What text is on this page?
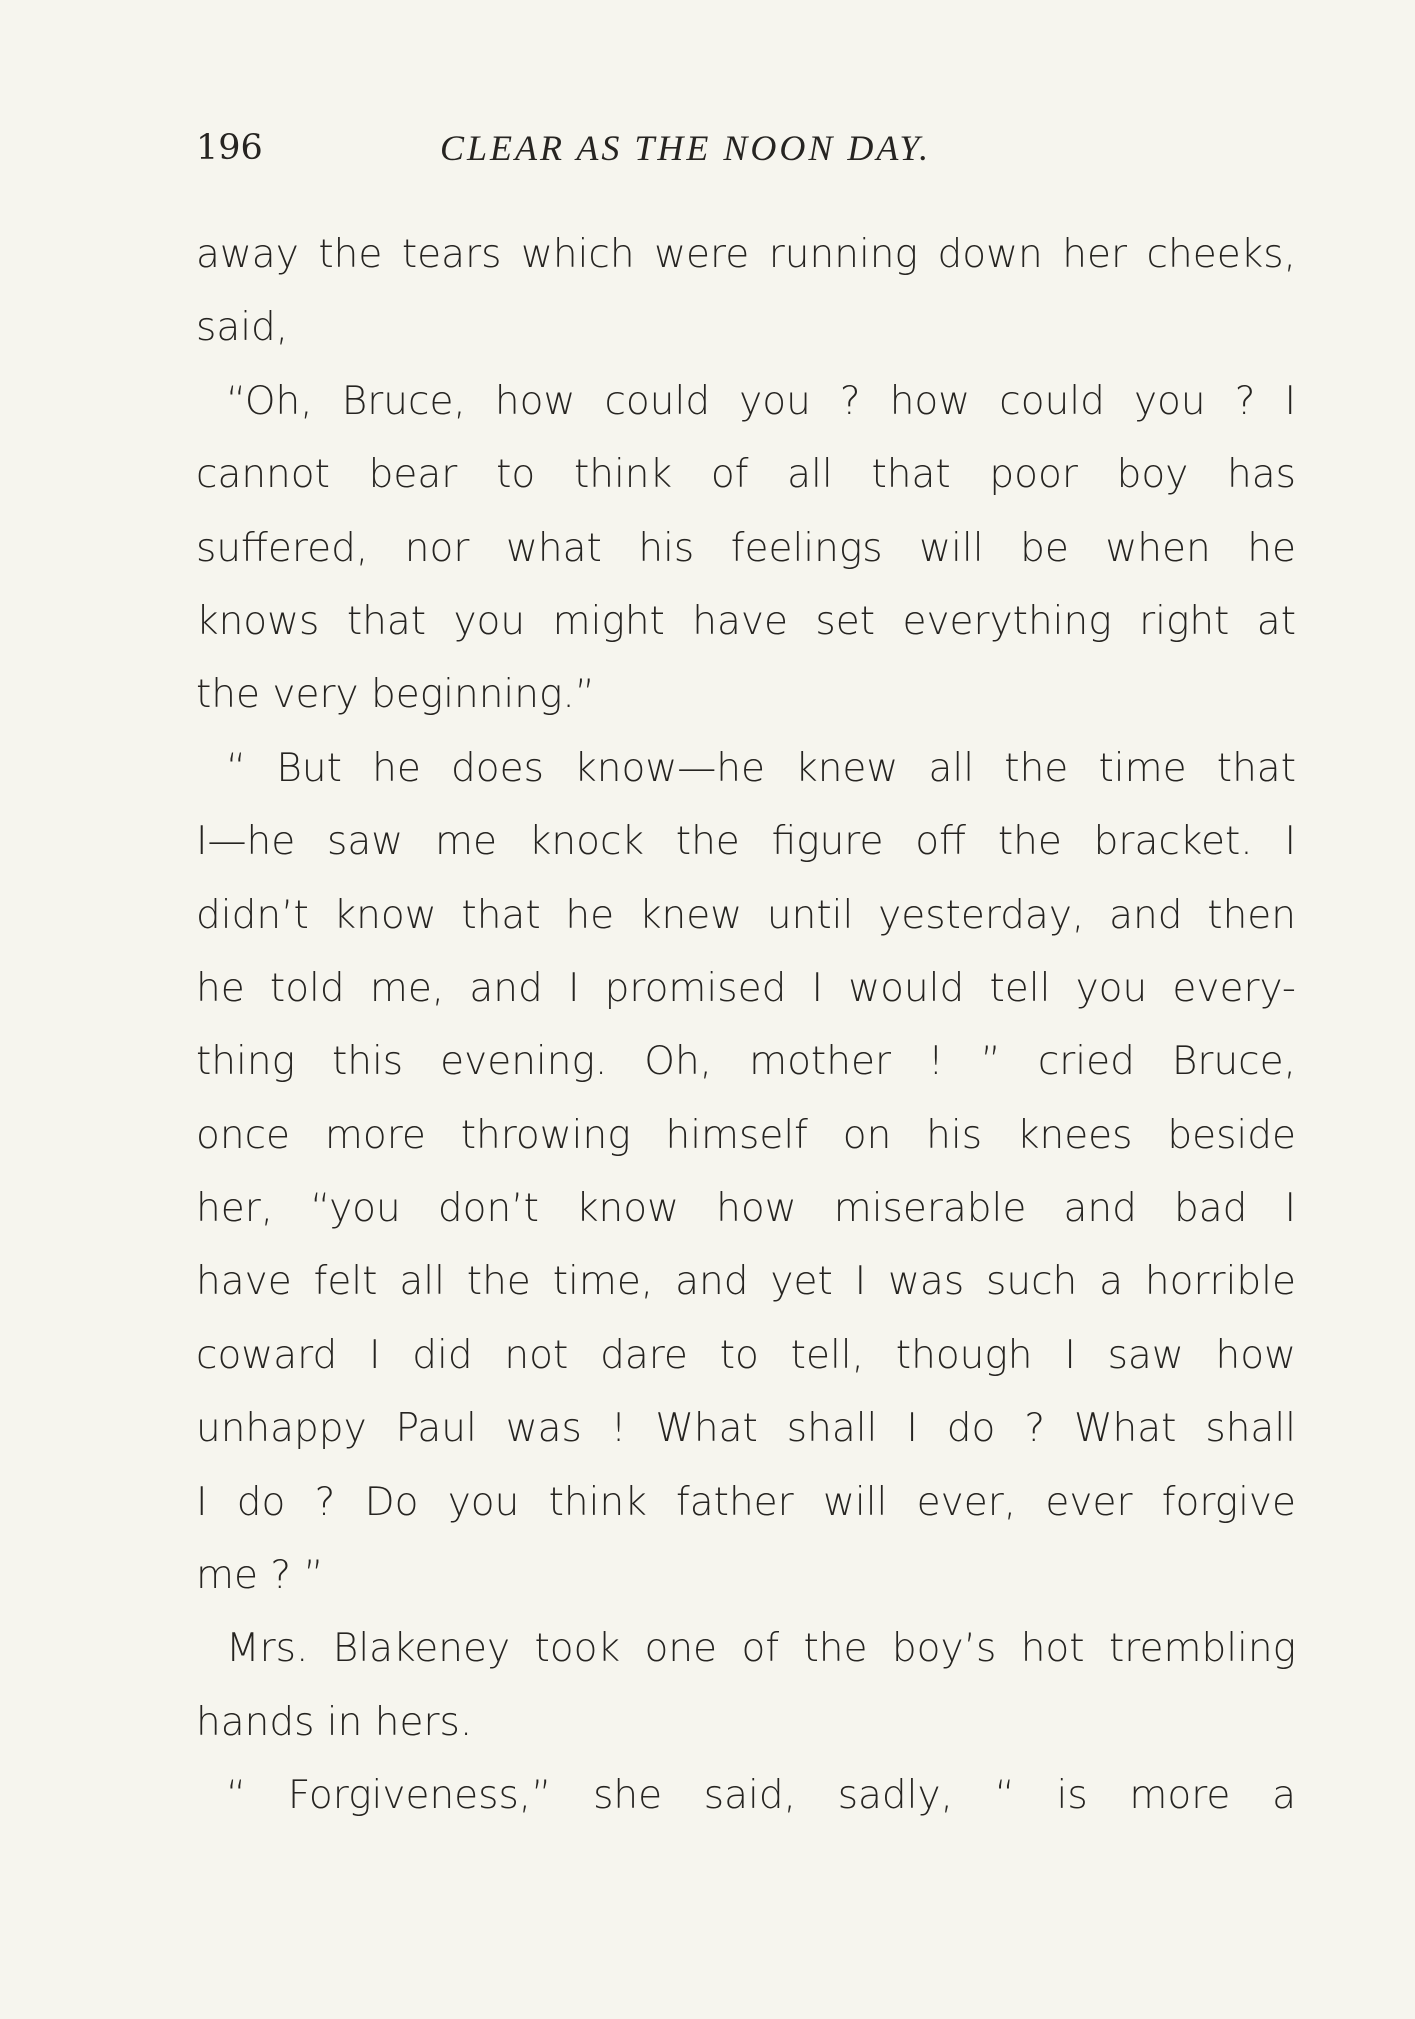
196	CLEAR AS THE NOON DAY.
away the tears which were running down her cheeks,
said,
“Oh, Bruce, how could you ? how could you ? I
cannot bear to think of all that poor boy has
suffered, nor what his feelings will be when he
knows that you might have set everything right at
the very beginning.”
“ But he does know—he knew all the time that
I—he saw me knock the figure off the bracket. I
didn’t know that he knew until yesterday, and then
he told me, and I promised I would tell you every-
thing this evening. Oh, mother ! ” cried Bruce,
once more throwing himself on his knees beside
her, “you don’t know how miserable and bad I
have felt all the time, and yet I was such a horrible
coward I did not dare to tell, though I saw how
unhappy Paul was ! What shall I do ? What shall
I do ? Do you think father will ever, ever forgive
me ? ”
Mrs. Blakeney took one of the boy’s hot trembling
hands in hers.
“ Forgiveness,” she said, sadly, “ is more a
